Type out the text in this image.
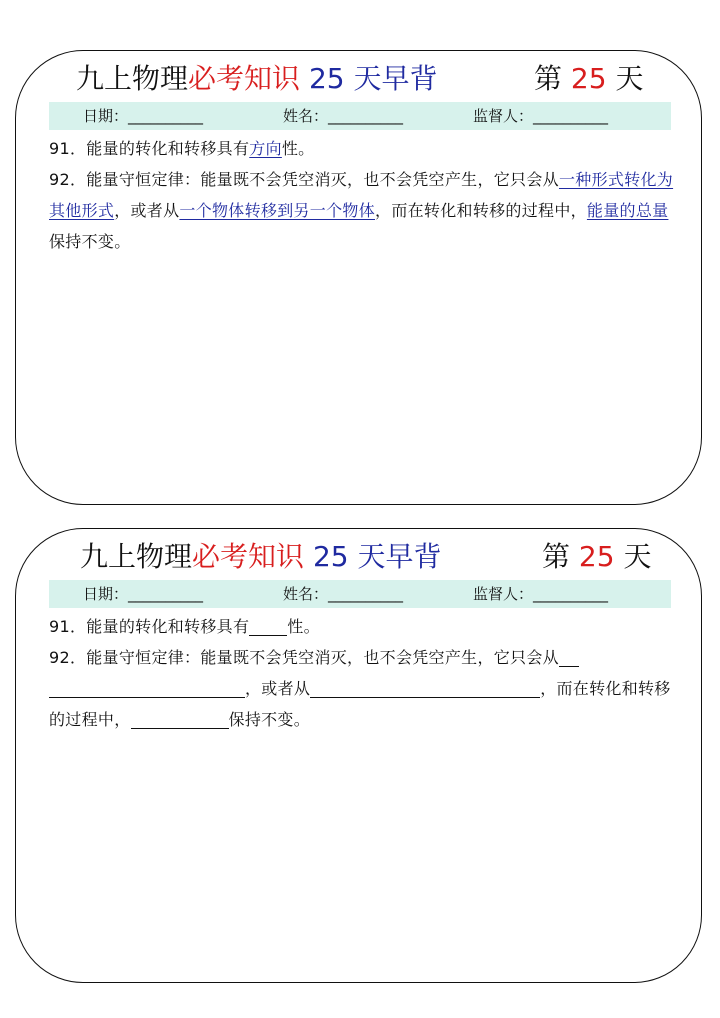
九上物理必考知识 25 天早背	第 25 天
日期：__________	姓名：__________	监督人：__________

91．能量的转化和转移具有方向性。

92．能量守恒定律：能量既不会凭空消灭，也不会凭空产生，它只会从一种形式转化为其他形式，或者从一个物体转移到另一个物体，而在转化和转移的过程中，能量的总量保持不变。

九上物理必考知识 25 天早背	第 25 天
日期：__________	姓名：__________	监督人：__________

91．能量的转化和转移具有 性。

92．能量守恒定律：能量既不会凭空消灭，也不会凭空产生，它只会从
，或者从	，而在转化和转移的过程中，	保持不变。
